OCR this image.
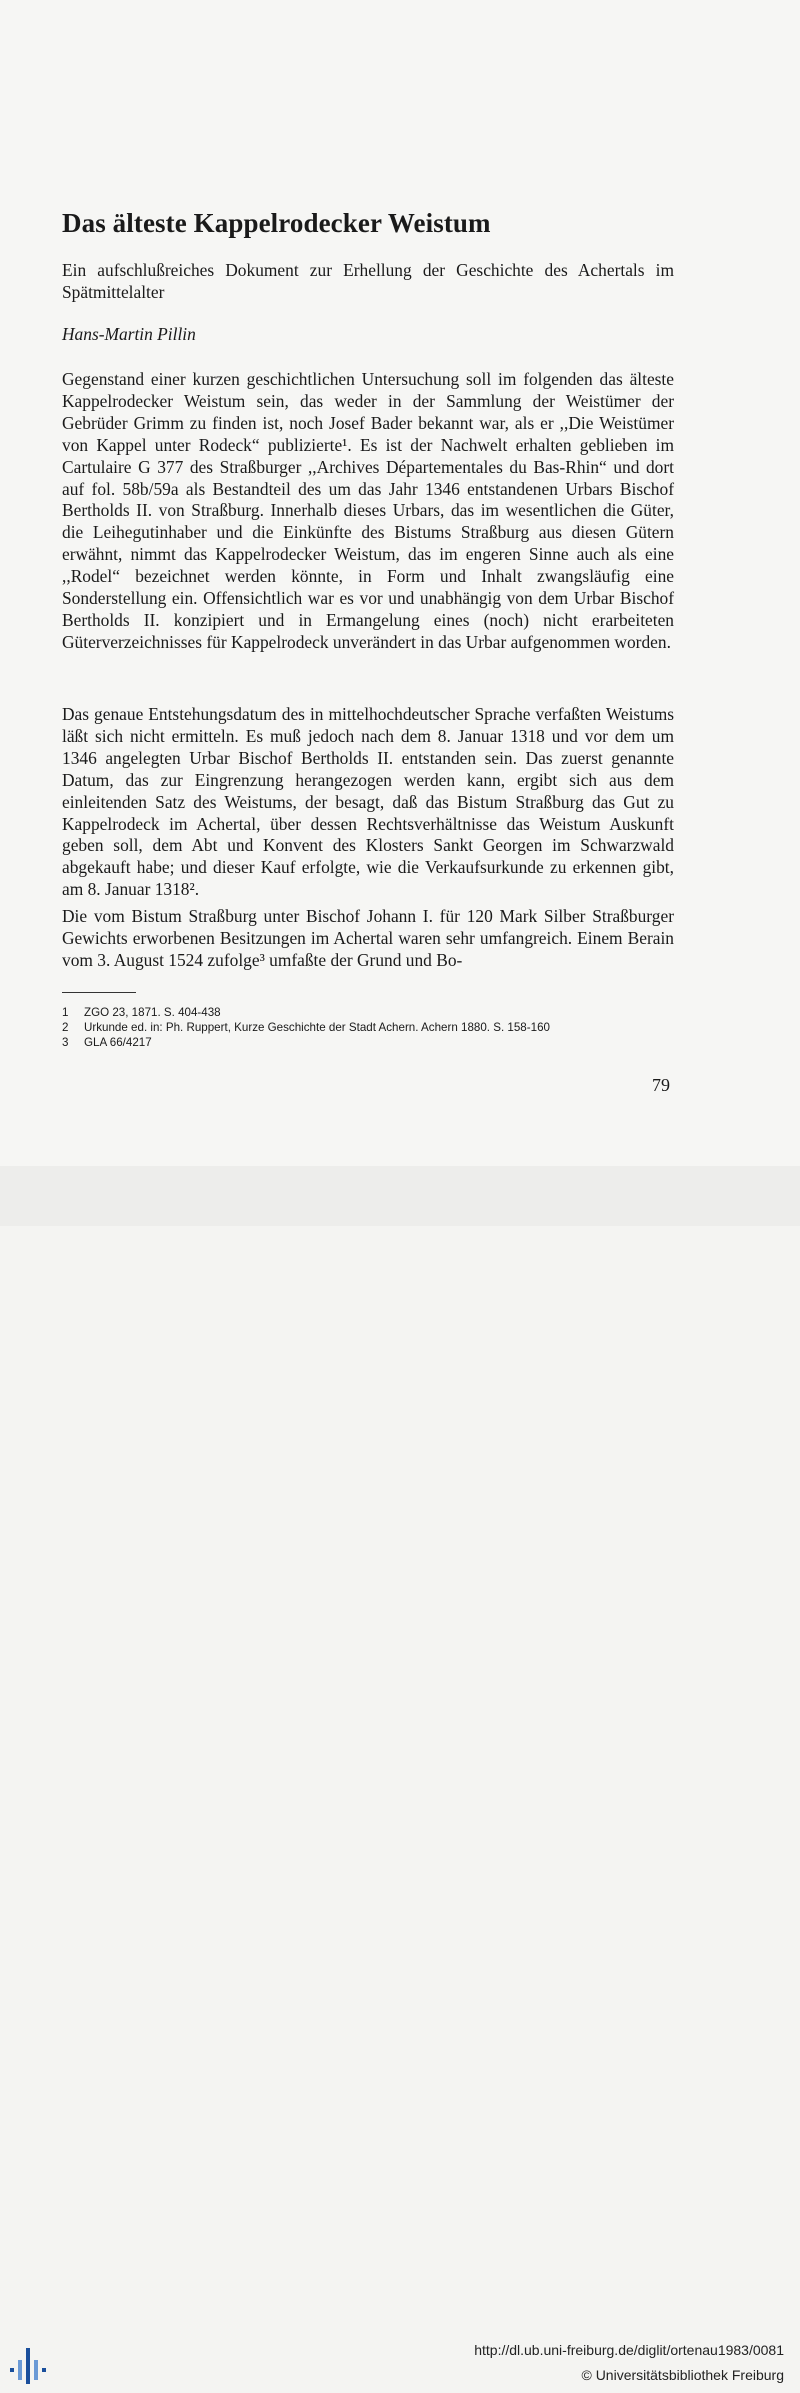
Das älteste Kappelrodecker Weistum

Ein aufschlußreiches Dokument zur Erhellung der Geschichte des Achertals im Spätmittelalter

Hans-Martin Pillin

Gegenstand einer kurzen geschichtlichen Untersuchung soll im folgenden das älteste Kappelrodecker Weistum sein, das weder in der Sammlung der Weistümer der Gebrüder Grimm zu finden ist, noch Josef Bader bekannt war, als er ,,Die Weistümer von Kappel unter Rodeck“ publizierte¹. Es ist der Nachwelt erhalten geblieben im Cartulaire G 377 des Straßburger ,,Archives Départementales du Bas-Rhin“ und dort auf fol. 58b/59a als Bestandteil des um das Jahr 1346 entstandenen Urbars Bischof Bertholds II. von Straßburg. Innerhalb dieses Urbars, das im wesentlichen die Güter, die Leihegutinhaber und die Einkünfte des Bistums Straßburg aus diesen Gütern erwähnt, nimmt das Kappelrodecker Weistum, das im engeren Sinne auch als eine ,,Rodel“ bezeichnet werden könnte, in Form und Inhalt zwangsläufig eine Sonderstellung ein. Offensichtlich war es vor und unabhängig von dem Urbar Bischof Bertholds II. konzipiert und in Ermangelung eines (noch) nicht erarbeiteten Güterverzeichnisses für Kappelrodeck unverändert in das Urbar aufgenommen worden.

Das genaue Entstehungsdatum des in mittelhochdeutscher Sprache verfaßten Weistums läßt sich nicht ermitteln. Es muß jedoch nach dem 8. Januar 1318 und vor dem um 1346 angelegten Urbar Bischof Bertholds II. entstanden sein. Das zuerst genannte Datum, das zur Eingrenzung herangezogen werden kann, ergibt sich aus dem einleitenden Satz des Weistums, der besagt, daß das Bistum Straßburg das Gut zu Kappelrodeck im Achertal, über dessen Rechtsverhältnisse das Weistum Auskunft geben soll, dem Abt und Konvent des Klosters Sankt Georgen im Schwarzwald abgekauft habe; und dieser Kauf erfolgte, wie die Verkaufsurkunde zu erkennen gibt, am 8. Januar 1318².

Die vom Bistum Straßburg unter Bischof Johann I. für 120 Mark Silber Straßburger Gewichts erworbenen Besitzungen im Achertal waren sehr umfangreich. Einem Berain vom 3. August 1524 zufolge³ umfaßte der Grund und Bo-

1 ZGO 23, 1871. S. 404-438
2 Urkunde ed. in: Ph. Ruppert, Kurze Geschichte der Stadt Achern. Achern 1880. S. 158-160
3 GLA 66/4217
79
http://dl.ub.uni-freiburg.de/diglit/ortenau1983/0081
© Universitätsbibliothek Freiburg
